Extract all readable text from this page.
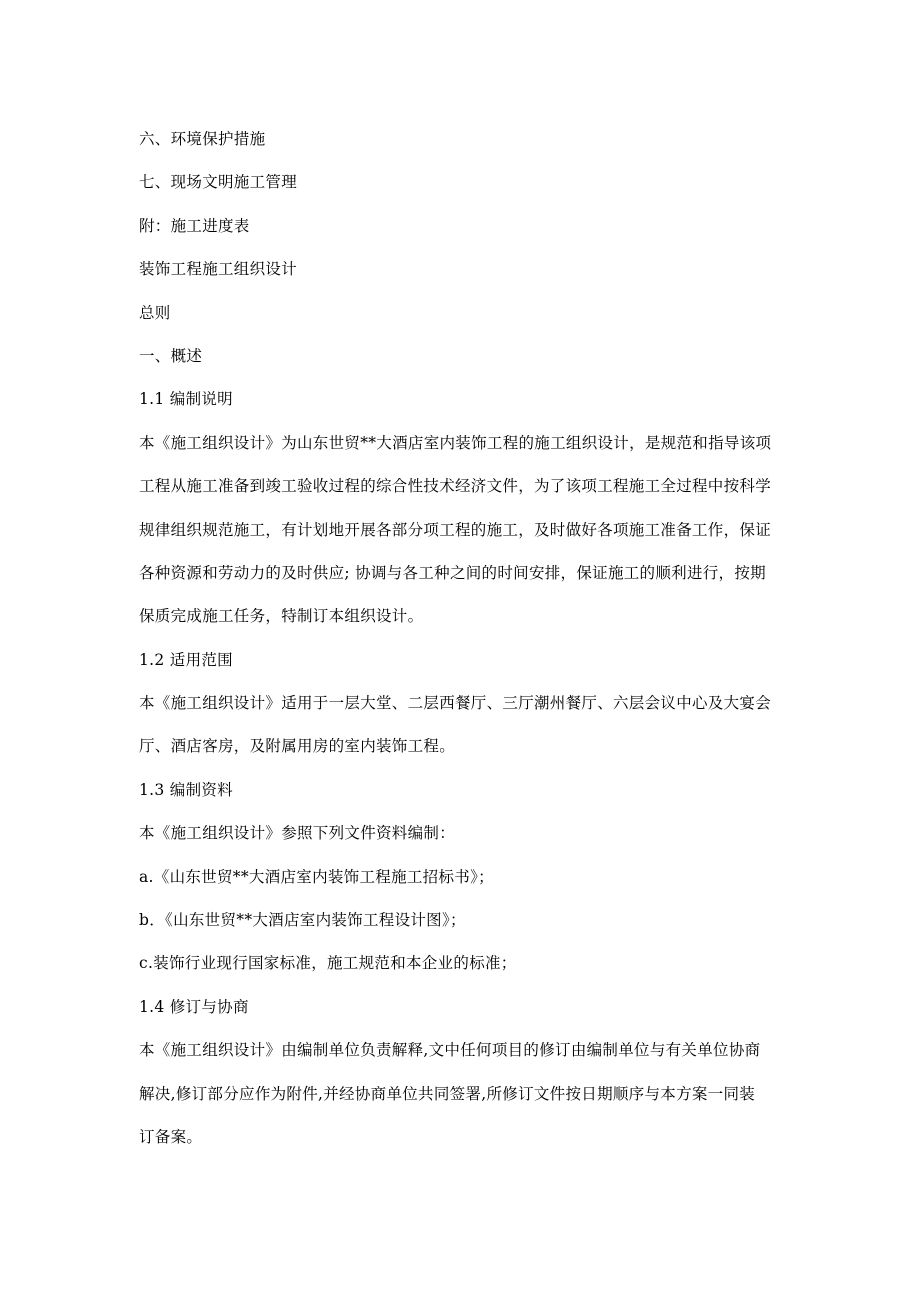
六、环境保护措施
七、现场文明施工管理
附：施工进度表
装饰工程施工组织设计
总则
一、概述
1.1 编制说明
本《施工组织设计》为山东世贸**大酒店室内装饰工程的施工组织设计，是规范和指导该项
工程从施工准备到竣工验收过程的综合性技术经济文件，为了该项工程施工全过程中按科学
规律组织规范施工，有计划地开展各部分项工程的施工，及时做好各项施工准备工作，保证
各种资源和劳动力的及时供应; 协调与各工种之间的时间安排，保证施工的顺利进行，按期
保质完成施工任务，特制订本组织设计。
1.2 适用范围
本《施工组织设计》适用于一层大堂、二层西餐厅、三厅潮州餐厅、六层会议中心及大宴会
厅、酒店客房，及附属用房的室内装饰工程。
1.3 编制资料
本《施工组织设计》参照下列文件资料编制：
a.《山东世贸**大酒店室内装饰工程施工招标书》；
b．《山东世贸**大酒店室内装饰工程设计图》；
c.装饰行业现行国家标准，施工规范和本企业的标准；
1.4 修订与协商
本《施工组织设计》由编制单位负责解释,文中任何项目的修订由编制单位与有关单位协商
解决,修订部分应作为附件,并经协商单位共同签署,所修订文件按日期顺序与本方案一同装
订备案。
